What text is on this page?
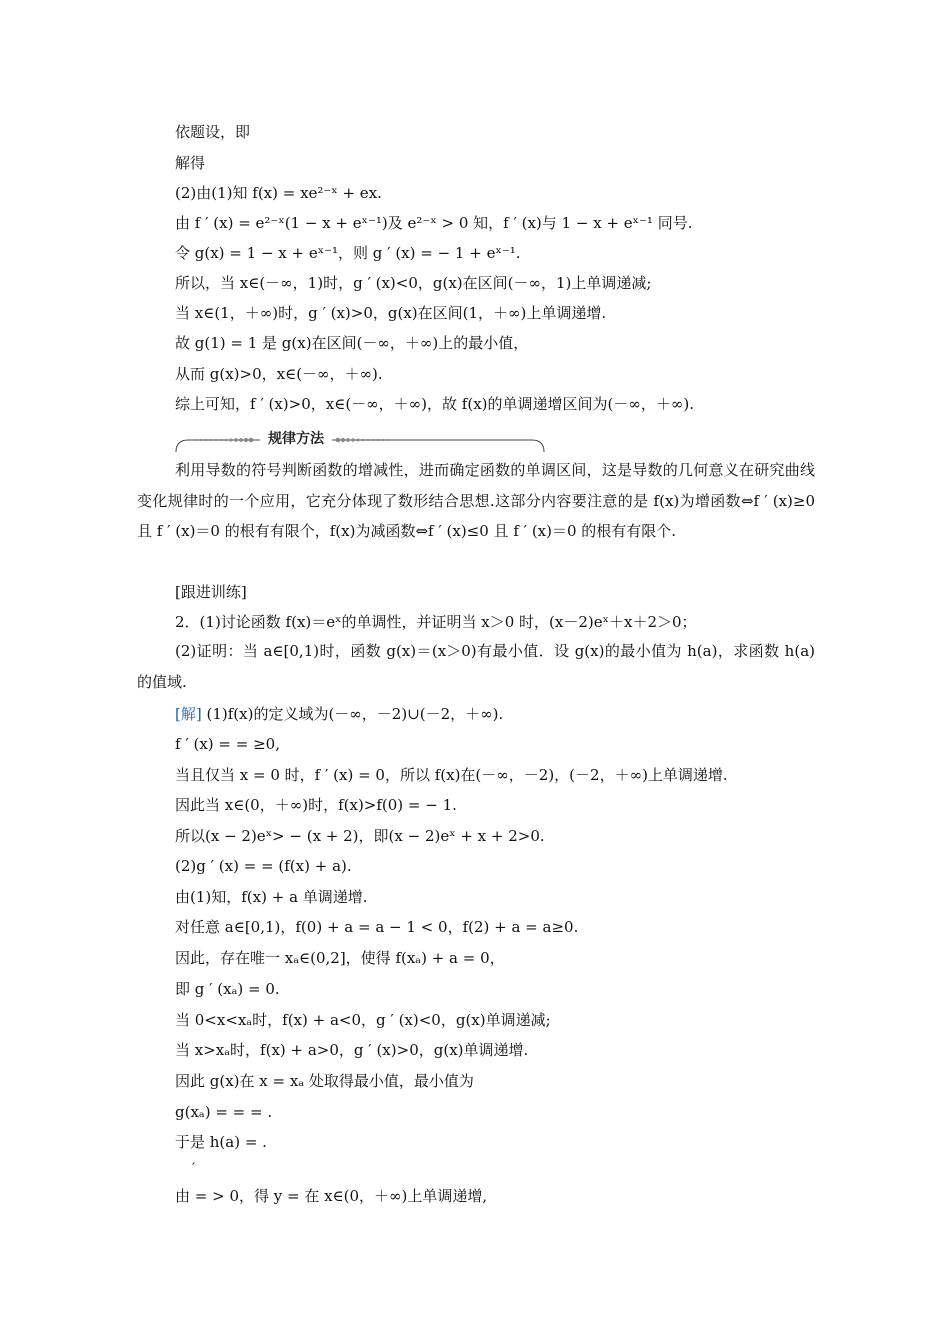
依题设，即
解得
(2)由(1)知 f(x) = xe²⁻ˣ + ex.
由 f ′ (x) = e²⁻ˣ(1 − x + eˣ⁻¹)及 e²⁻ˣ > 0 知，f ′ (x)与 1 − x + eˣ⁻¹ 同号.
令 g(x) = 1 − x + eˣ⁻¹，则 g ′ (x) = − 1 + eˣ⁻¹.
所以，当 x∈(－∞，1)时，g ′ (x)<0，g(x)在区间(－∞，1)上单调递减;
当 x∈(1，＋∞)时，g ′ (x)>0，g(x)在区间(1，＋∞)上单调递增.
故 g(1) = 1 是 g(x)在区间(－∞，＋∞)上的最小值，
从而 g(x)>0，x∈(－∞，＋∞).
综上可知，f ′ (x)>0，x∈(－∞，＋∞)，故 f(x)的单调递增区间为(－∞，＋∞).
规律方法
利用导数的符号判断函数的增减性，进而确定函数的单调区间，这是导数的几何意义在研究曲线变化规律时的一个应用，它充分体现了数形结合思想.这部分内容要注意的是 f(x)为增函数⇔f ′ (x)≥0 且 f ′ (x)＝0 的根有有限个，f(x)为减函数⇔f ′ (x)≤0 且 f ′ (x)＝0 的根有有限个.
[跟进训练]
2．(1)讨论函数 f(x)＝eˣ的单调性，并证明当 x＞0 时，(x－2)eˣ＋x＋2＞0；
(2)证明：当 a∈[0,1)时，函数 g(x)＝(x＞0)有最小值．设 g(x)的最小值为 h(a)，求函数 h(a)的值域.
[解] (1)f(x)的定义域为(－∞，－2)∪(－2，＋∞).
f ′ (x) = = ≥0,
当且仅当 x = 0 时，f ′ (x) = 0，所以 f(x)在(－∞，－2)，(－2，＋∞)上单调递增.
因此当 x∈(0，＋∞)时，f(x)>f(0) = − 1.
所以(x − 2)eˣ> − (x + 2)，即(x − 2)eˣ + x + 2>0.
(2)g ′ (x) = = (f(x) + a).
由(1)知，f(x) + a 单调递增.
对任意 a∈[0,1)，f(0) + a = a − 1 < 0，f(2) + a = a≥0.
因此，存在唯一 xₐ∈(0,2]，使得 f(xₐ) + a = 0，
即 g ′ (xₐ) = 0.
当 0<x<xₐ时，f(x) + a<0，g ′ (x)<0，g(x)单调递减;
当 x>xₐ时，f(x) + a>0，g ′ (x)>0，g(x)单调递增.
因此 g(x)在 x = xₐ 处取得最小值，最小值为
g(xₐ) = = = .
于是 h(a) = .
′
由 = > 0，得 y = 在 x∈(0，＋∞)上单调递增,
